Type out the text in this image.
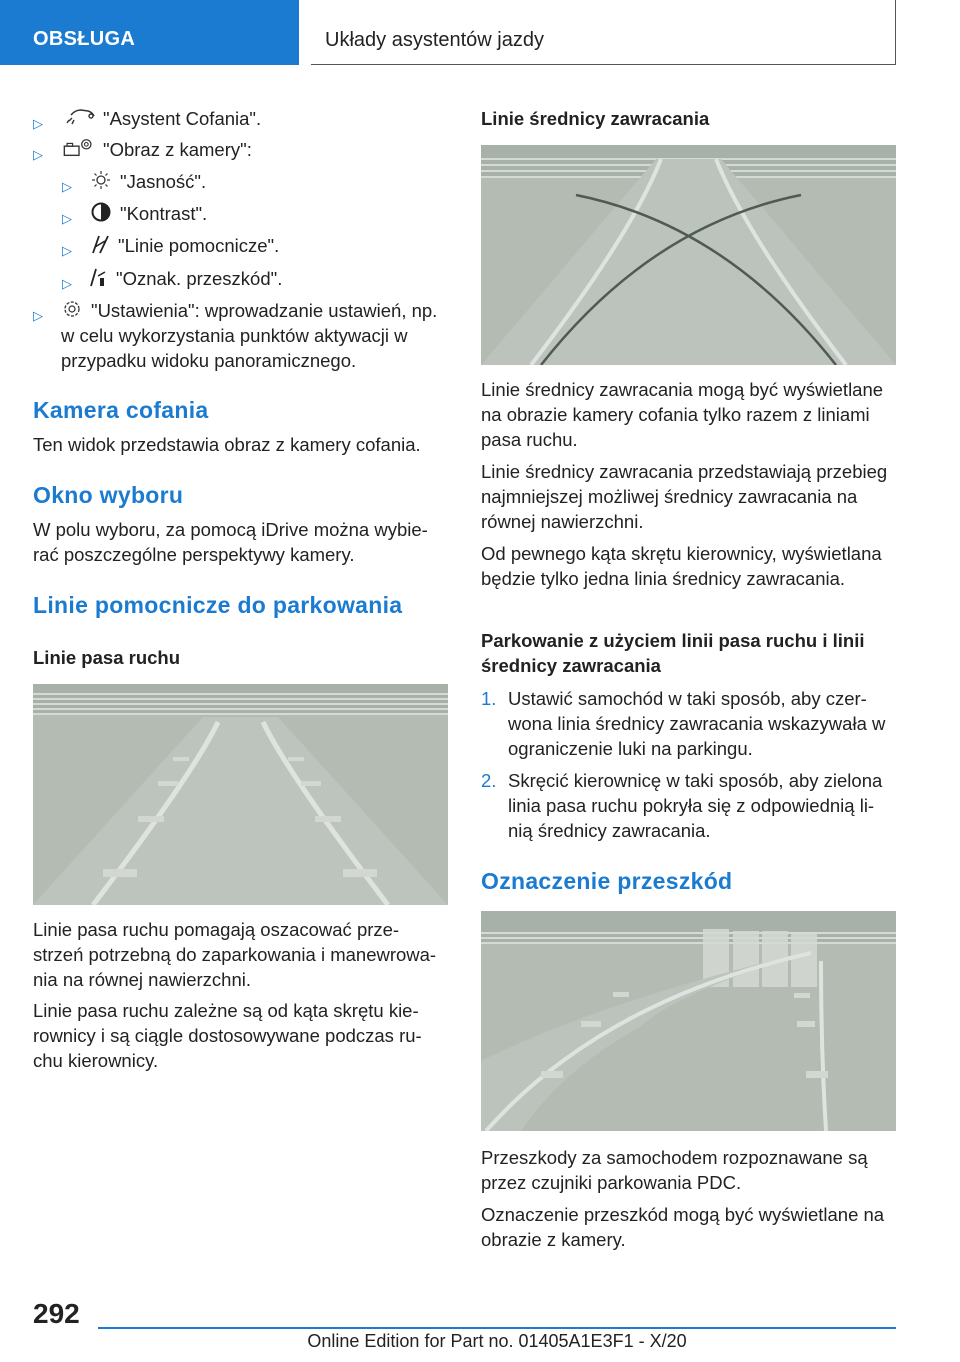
OBSŁUGA	Układy asystentów jazdy
▷	"Asystent Cofania".
▷	"Obraz z kamery":
▷	"Jasność".
▷	"Kontrast".
▷ "Linie pomocnicze".
▷ "Oznak. przeszkód".
▷	"Ustawienia": wprowadzanie ustawień, np. w celu wykorzystania punktów aktywacji w przypadku widoku panoramicznego.
Kamera cofania
Ten widok przedstawia obraz z kamery cofania.
Okno wyboru
W polu wyboru, za pomocą iDrive można wybie-rać poszczególne perspektywy kamery.
Linie pomocnicze do parkowania
Linie pasa ruchu
Linie pasa ruchu pomagają oszacować prze-strzeń potrzebną do zaparkowania i manewrowa-nia na równej nawierzchni.
Linie pasa ruchu zależne są od kąta skrętu kie-rownicy i są ciągle dostosowywane podczas ru-chu kierownicy.
Linie średnicy zawracania
Linie średnicy zawracania mogą być wyświetlane na obrazie kamery cofania tylko razem z liniami pasa ruchu.
Linie średnicy zawracania przedstawiają przebieg najmniejszej możliwej średnicy zawracania na równej nawierzchni.
Od pewnego kąta skrętu kierownicy, wyświetlana będzie tylko jedna linia średnicy zawracania.
Parkowanie z użyciem linii pasa ruchu i linii średnicy zawracania
1. Ustawić samochód w taki sposób, aby czer-wona linia średnicy zawracania wskazywała w ograniczenie luki na parkingu.
2. Skręcić kierownicę w taki sposób, aby zielona linia pasa ruchu pokryła się z odpowiednią li-nią średnicy zawracania.
Oznaczenie przeszkód
Przeszkody za samochodem rozpoznawane są przez czujniki parkowania PDC.
Oznaczenie przeszkód mogą być wyświetlane na obrazie z kamery.
292
Online Edition for Part no. 01405A1E3F1 - X/20
